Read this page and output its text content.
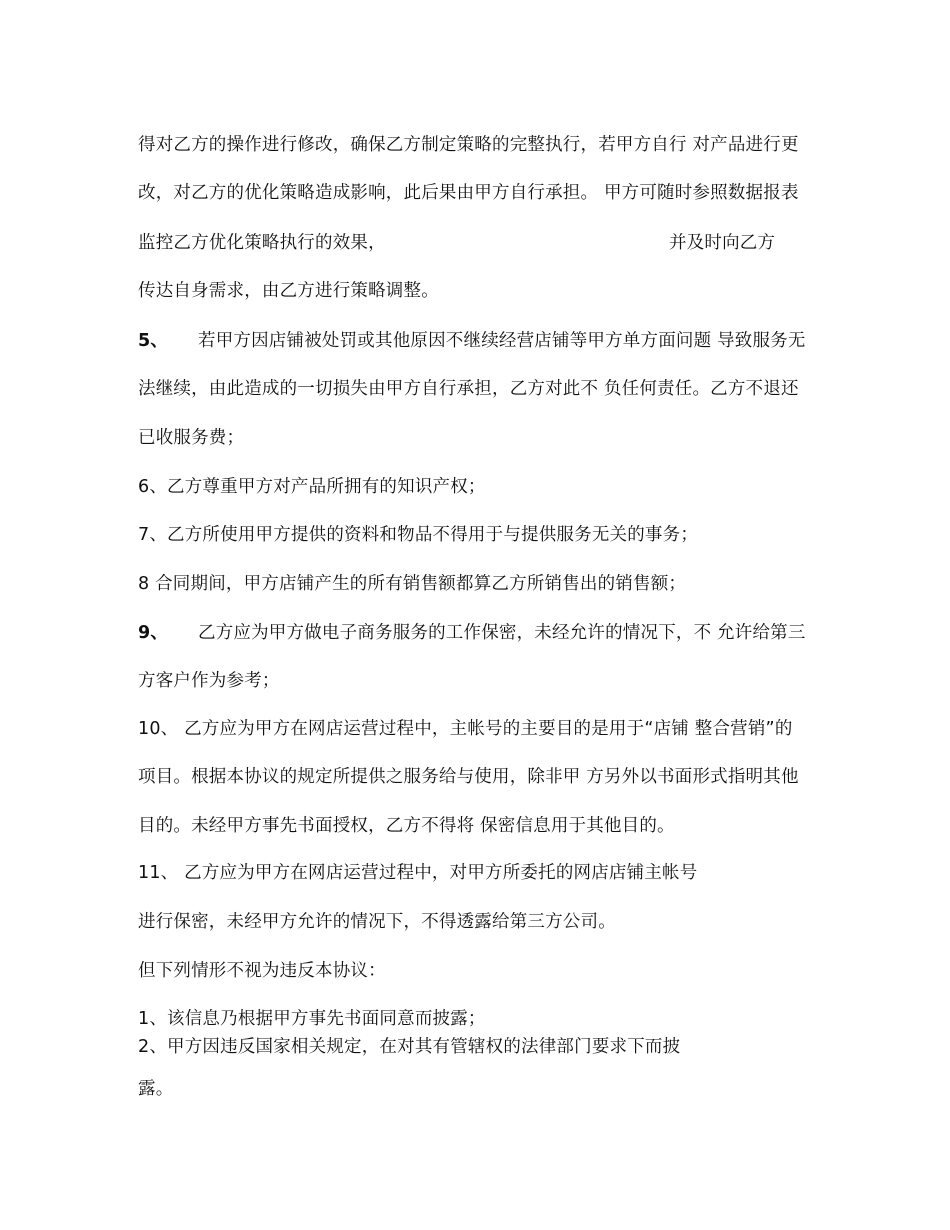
得对乙方的操作进行修改，确保乙方制定策略的完整执行，若甲方自行 对产品进行更
改，对乙方的优化策略造成影响，此后果由甲方自行承担。 甲方可随时参照数据报表
监控乙方优化策略执行的效果，	并及时向乙方
传达自身需求，由乙方进行策略调整。
5、 若甲方因店铺被处罚或其他原因不继续经营店铺等甲方单方面问题 导致服务无
法继续，由此造成的一切损失由甲方自行承担，乙方对此不 负任何责任。乙方不退还
已收服务费；
6、乙方尊重甲方对产品所拥有的知识产权；
7、乙方所使用甲方提供的资料和物品不得用于与提供服务无关的事务；
8 合同期间，甲方店铺产生的所有销售额都算乙方所销售出的销售额；
9、 乙方应为甲方做电子商务服务的工作保密，未经允许的情况下，不 允许给第三
方客户作为参考；
10、 乙方应为甲方在网店运营过程中，主帐号的主要目的是用于“店铺 整合营销”的
项目。根据本协议的规定所提供之服务给与使用，除非甲 方另外以书面形式指明其他
目的。未经甲方事先书面授权，乙方不得将 保密信息用于其他目的。
11、 乙方应为甲方在网店运营过程中，对甲方所委托的网店店铺主帐号
进行保密，未经甲方允许的情况下，不得透露给第三方公司。
但下列情形不视为违反本协议：
1、该信息乃根据甲方事先书面同意而披露；
2、甲方因违反国家相关规定，在对其有管辖权的法律部门要求下而披
露。
